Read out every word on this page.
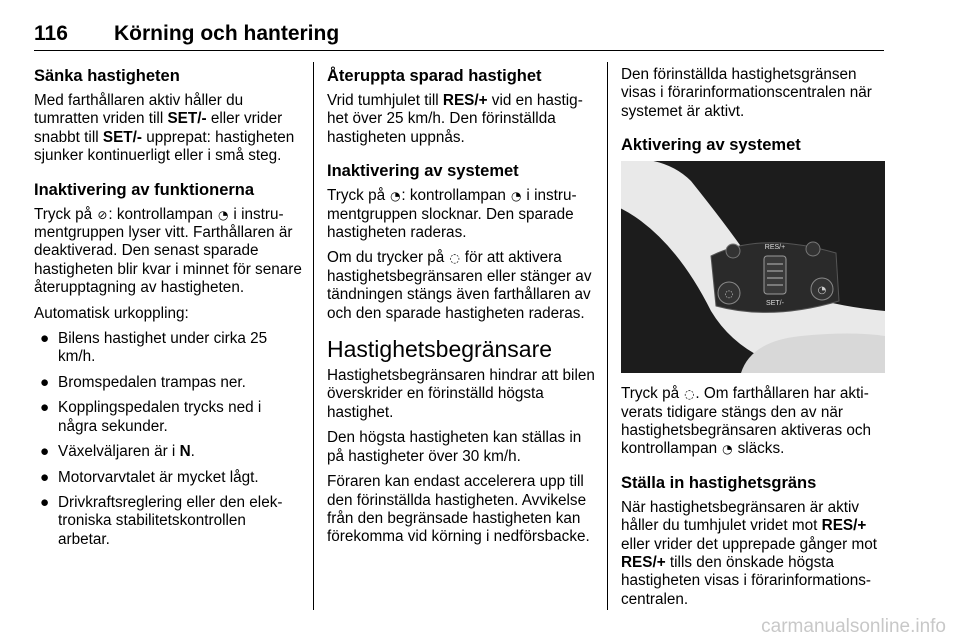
116 Körning och hantering
Sänka hastigheten

Med farthållaren aktiv håller du tumratten vriden till SET/- eller vrider snabbt till SET/- upprepat: hastigheten sjunker kontinuerligt eller i små steg.

Inaktivering av funktionerna

Tryck på ⊘: kontrollampan ◔ i instrumentgruppen lyser vitt. Farthållaren är deaktiverad. Den senast sparade hastigheten blir kvar i minnet för senare återupptagning av hastigheten.

Automatisk urkoppling:

● Bilens hastighet under cirka 25 km/h.
● Bromspedalen trampas ner.
● Kopplingspedalen trycks ned i några sekunder.
● Växelväljaren är i N.
● Motorvarvtalet är mycket lågt.
● Drivkraftsreglering eller den elektroniska stabilitetskontrollen arbetar.
Återuppta sparad hastighet

Vrid tumhjulet till RES/+ vid en hastighet över 25 km/h. Den förinställda hastigheten uppnås.

Inaktivering av systemet

Tryck på ◔: kontrollampan ◔ i instrumentgruppen slocknar. Den sparade hastigheten raderas.

Om du trycker på ◌ för att aktivera hastighetsbegränsaren eller stänger av tändningen stängs även farthållaren av och den sparade hastigheten raderas.

Hastighetsbegränsare

Hastighetsbegränsaren hindrar att bilen överskrider en förinställd högsta hastighet.

Den högsta hastigheten kan ställas in på hastigheter över 30 km/h.

Föraren kan endast accelerera upp till den förinställda hastigheten. Avvikelse från den begränsade hastigheten kan förekomma vid körning i nedförsbacke.

Den förinställda hastighetsgränsen visas i förarinformationscentralen när systemet är aktivt.

Aktivering av systemet
◌	◔
RES/+
SET/-

Tryck på ◌. Om farthållaren har aktiverats tidigare stängs den av när hastighetsbegränsaren aktiveras och kontrollampan ◔ släcks.

Ställa in hastighetsgräns

När hastighetsbegränsaren är aktiv håller du tumhjulet vridet mot RES/+ eller vrider det upprepade gånger mot RES/+ tills den önskade högsta hastigheten visas i förarinformationscentralen.

carmanualsonline.info
